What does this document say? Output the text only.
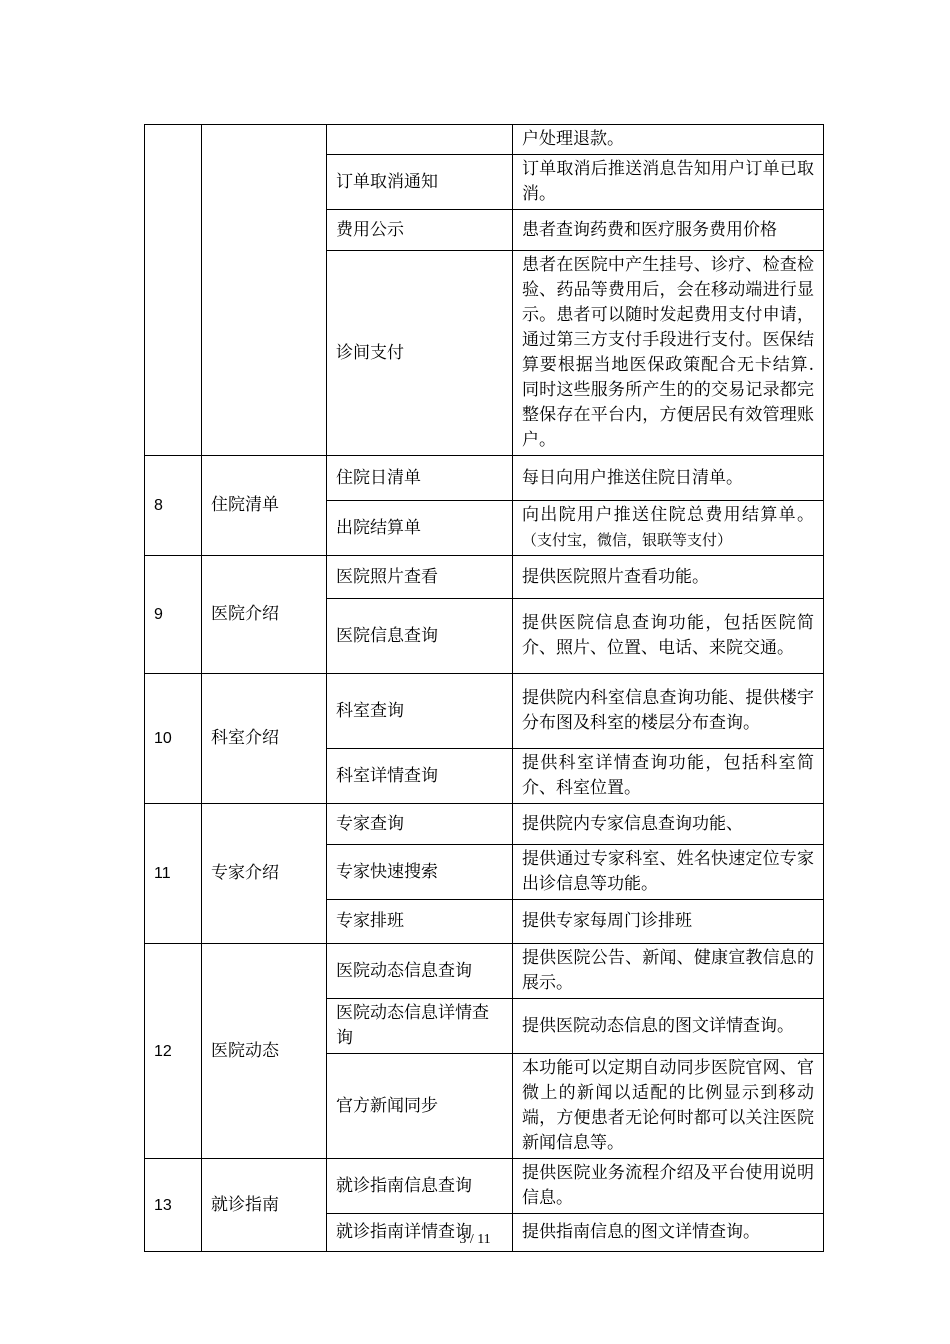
			户处理退款。
		订单取消通知	订单取消后推送消息告知用户订单已取消。
		费用公示	患者查询药费和医疗服务费用价格
		诊间支付	患者在医院中产生挂号、诊疗、检查检验、药品等费用后，会在移动端进行显示。患者可以随时发起费用支付申请，通过第三方支付手段进行支付。医保结算要根据当地医保政策配合无卡结算.同时这些服务所产生的的交易记录都完整保存在平台内，方便居民有效管理账户。
8	住院清单	住院日清单	每日向用户推送住院日清单。
		出院结算单	向出院用户推送住院总费用结算单。（支付宝，微信，银联等支付）
9	医院介绍	医院照片查看	提供医院照片查看功能。
		医院信息查询	提供医院信息查询功能，包括医院简介、照片、位置、电话、来院交通。
10	科室介绍	科室查询	提供院内科室信息查询功能、提供楼宇分布图及科室的楼层分布查询。
		科室详情查询	提供科室详情查询功能，包括科室简介、科室位置。
11	专家介绍	专家查询	提供院内专家信息查询功能、
		专家快速搜索	提供通过专家科室、姓名快速定位专家出诊信息等功能。
		专家排班	提供专家每周门诊排班
12	医院动态	医院动态信息查询	提供医院公告、新闻、健康宣教信息的展示。
		医院动态信息详情查询	提供医院动态信息的图文详情查询。
		官方新闻同步	本功能可以定期自动同步医院官网、官微上的新闻以适配的比例显示到移动端，方便患者无论何时都可以关注医院新闻信息等。
13	就诊指南	就诊指南信息查询	提供医院业务流程介绍及平台使用说明信息。
		就诊指南详情查询	提供指南信息的图文详情查询。
3 / 11
